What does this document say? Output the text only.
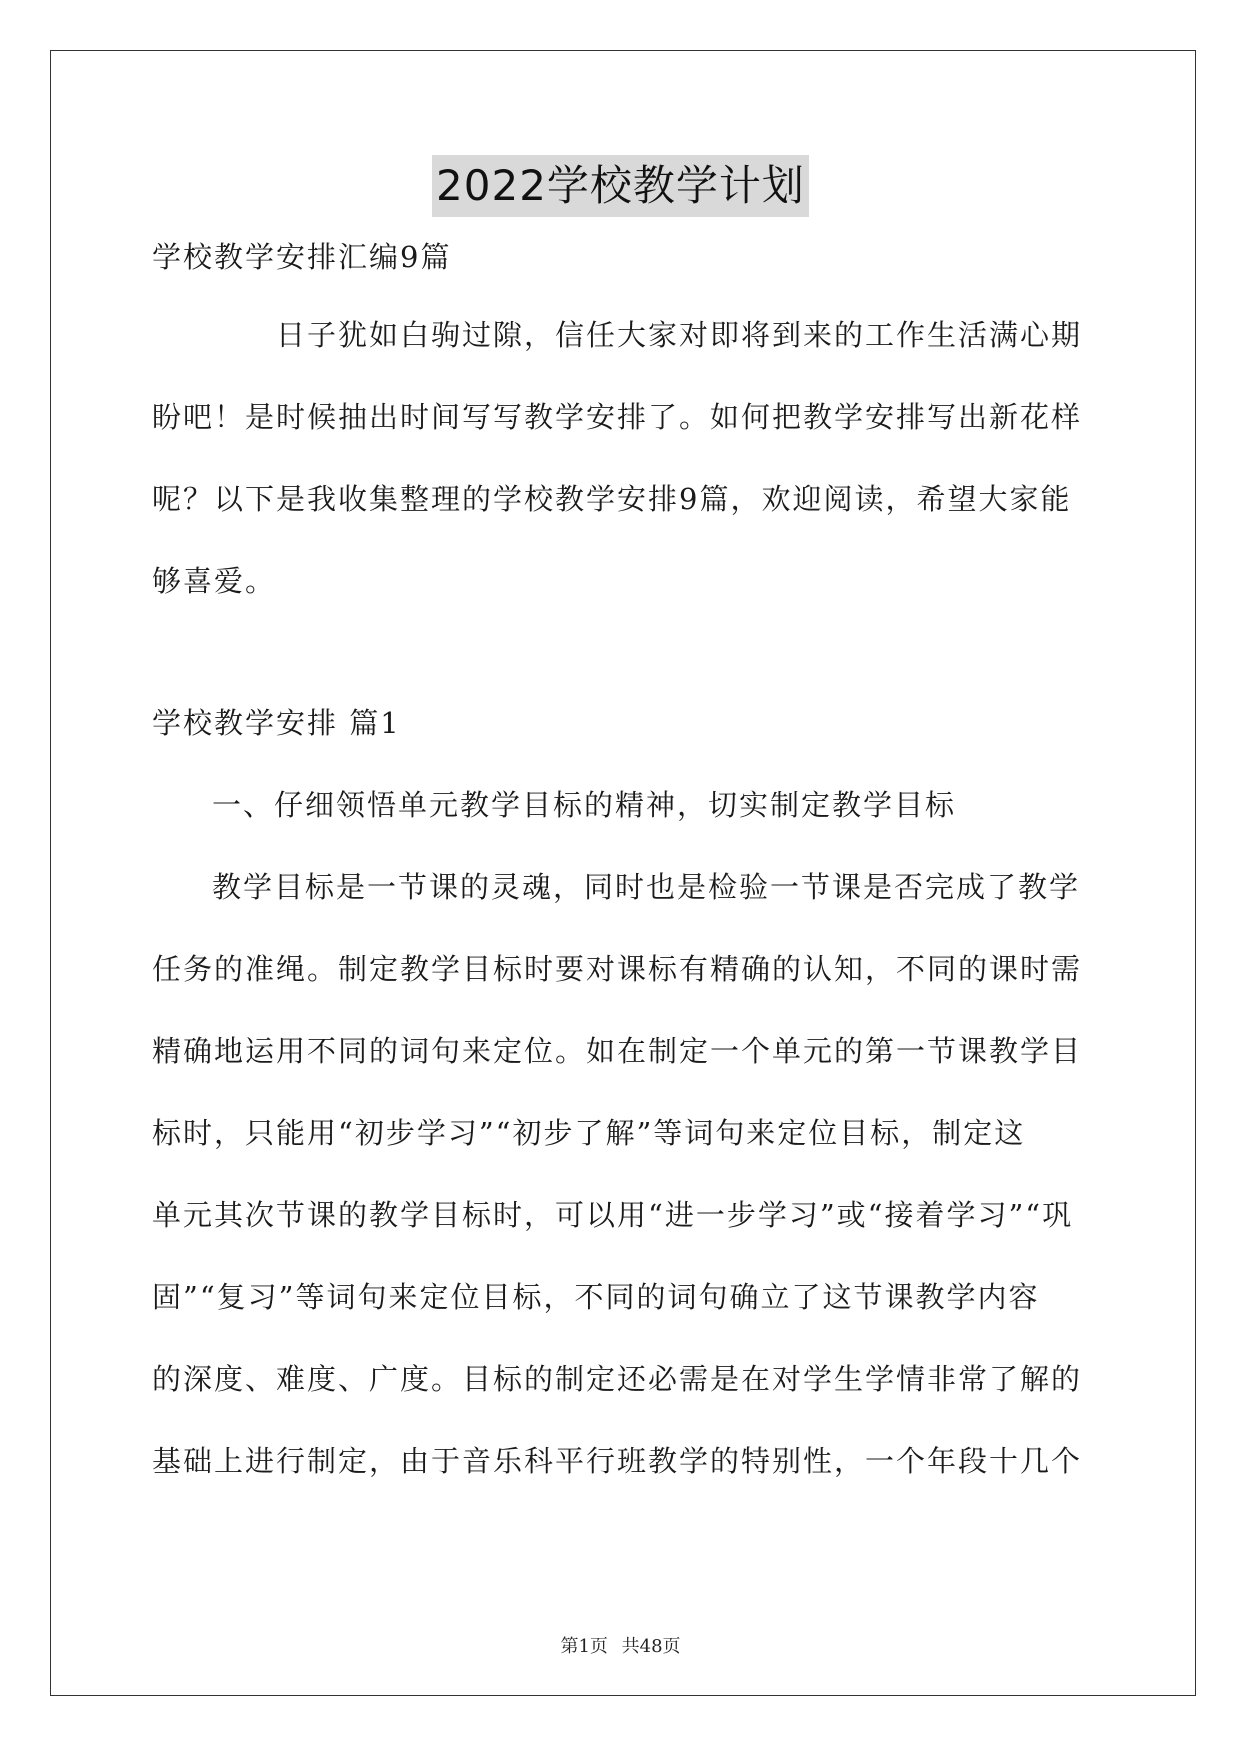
2022学校教学计划
学校教学安排汇编9篇
日子犹如白驹过隙，信任大家对即将到来的工作生活满心期
盼吧！是时候抽出时间写写教学安排了。如何把教学安排写出新花样
呢？以下是我收集整理的学校教学安排9篇，欢迎阅读，希望大家能
够喜爱。
学校教学安排 篇1
一、仔细领悟单元教学目标的精神，切实制定教学目标
教学目标是一节课的灵魂，同时也是检验一节课是否完成了教学
任务的准绳。制定教学目标时要对课标有精确的认知，不同的课时需
精确地运用不同的词句来定位。如在制定一个单元的第一节课教学目
标时，只能用“初步学习”“初步了解”等词句来定位目标，制定这
单元其次节课的教学目标时，可以用“进一步学习”或“接着学习”“巩
固”“复习”等词句来定位目标，不同的词句确立了这节课教学内容
的深度、难度、广度。目标的制定还必需是在对学生学情非常了解的
基础上进行制定，由于音乐科平行班教学的特别性，一个年段十几个
第1页 共48页
